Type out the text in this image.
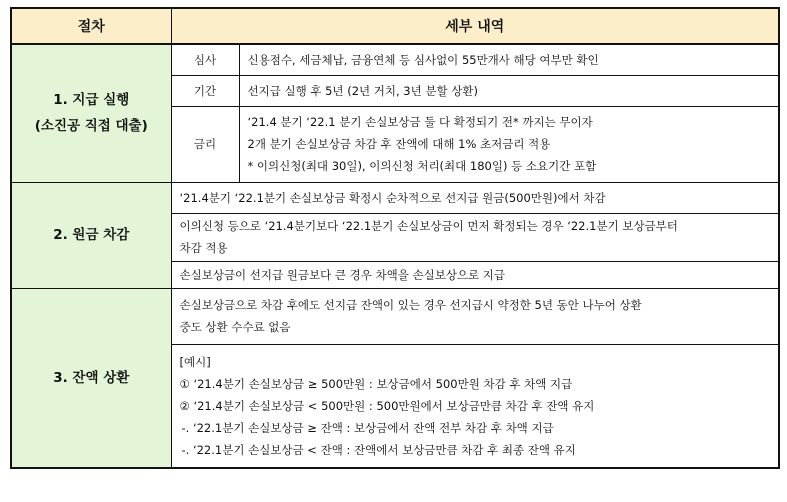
절차	세부 내역	

1. 지급 실행
(소진공 직접 대출)	심사	신용점수, 세금체납, 금융연체 등 심사없이 55만개사 해당 여부만 확인

	기간	선지급 실행 후 5년 (2년 거치, 3년 분할 상환)

	금리	‘21.4 분기 ‘22.1 분기 손실보상금 둘 다 확정되기 전* 까지는 무이자
2개 분기 손실보상금 차감 후 잔액에 대해 1% 초저금리 적용
* 이의신청(최대 30일), 이의신청 처리(최대 180일) 등 소요기간 포함

2. 원금 차감	‘21.4분기 ‘22.1분기 손실보상금 확정시 순차적으로 선지급 원금(500만원)에서 차감	

	이의신청 등으로 ‘21.4분기보다 ‘22.1분기 손실보상금이 먼저 확정되는 경우 ‘22.1분기 보상금부터
차감 적용	

	손실보상금이 선지급 원금보다 큰 경우 차액을 손실보상으로 지급	

3. 잔액 상환	손실보상금으로 차감 후에도 선지급 잔액이 있는 경우 선지급시 약정한 5년 동안 나누어 상환
중도 상환 수수료 없음	

	[예시]
① ‘21.4분기 손실보상금 ≥ 500만원 : 보상금에서 500만원 차감 후 차액 지급
② ‘21.4분기 손실보상금 < 500만원 : 500만원에서 보상금만큼 차감 후 잔액 유지
-. ‘22.1분기 손실보상금 ≥ 잔액 : 보상금에서 잔액 전부 차감 후 차액 지급
-. ‘22.1분기 손실보상금 < 잔액 : 잔액에서 보상금만큼 차감 후 최종 잔액 유지	
